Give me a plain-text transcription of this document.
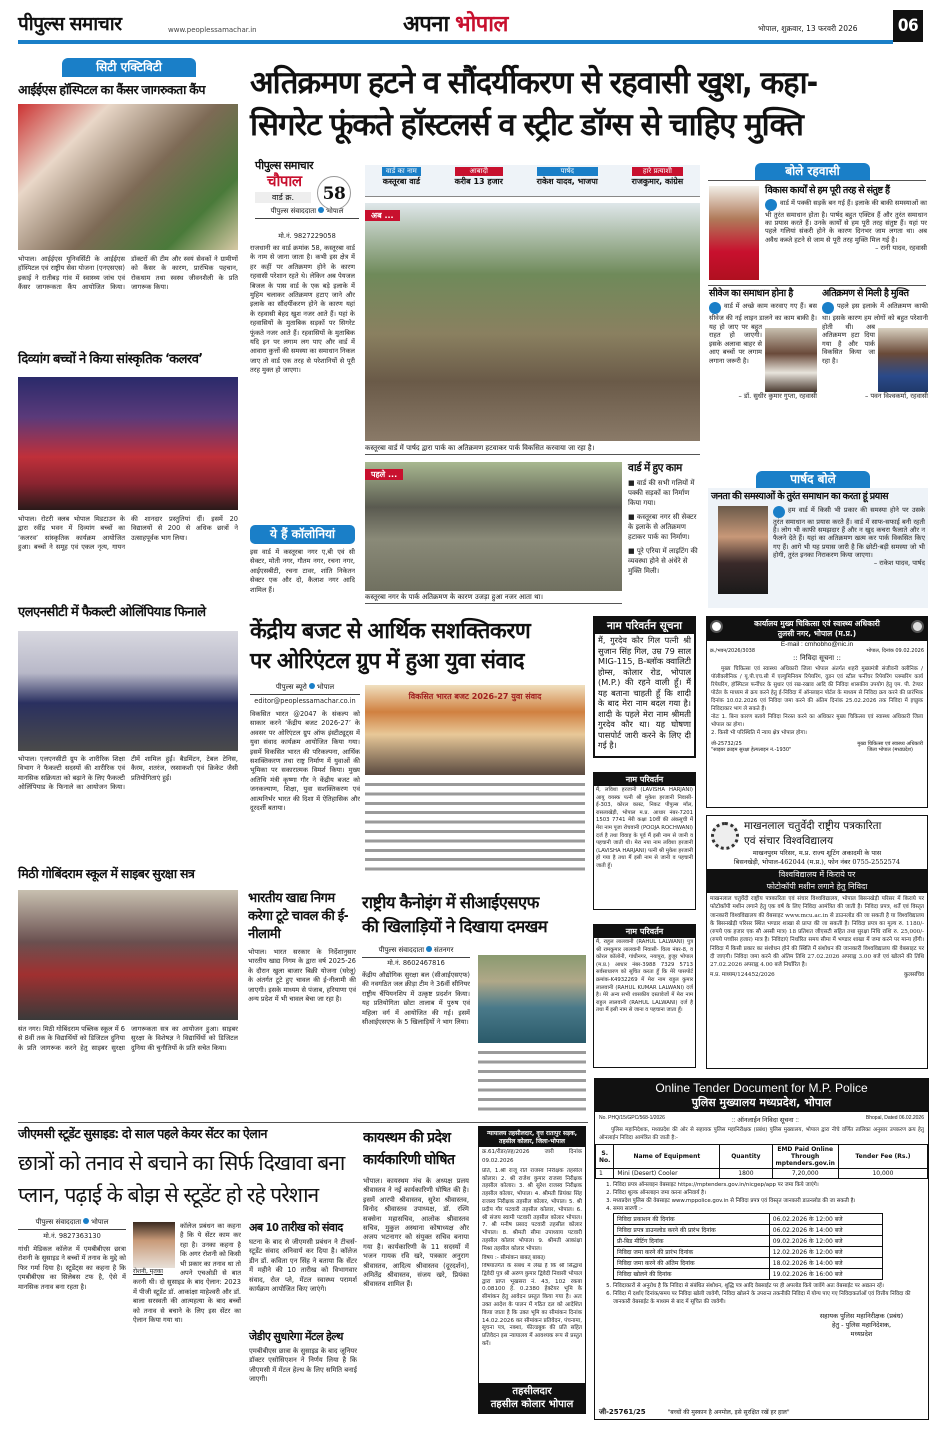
पीपुल्स समाचार	www.peoplessamachar.in	अपना भोपाल	भोपाल, शुक्रवार, 13 फरवरी 2026	06
सिटी एक्टिविटी
आईईएस हॉस्पिटल का कैंसर जागरुकता कैंप
भोपाल। आईईएस यूनिवर्सिटी के आईईएस हॉस्पिटल एवं राष्ट्रीय सेवा योजना (एनएसएस) इकाई ने रातीबड़ गांव में स्वास्थ्य जांच एवं कैंसर जागरूकता कैंप आयोजित किया। डॉक्टरों की टीम और स्वयं सेवकों ने ग्रामीणों को कैंसर के कारण, प्रारंभिक पहचान, रोकथाम तथा स्वस्थ जीवनशैली के प्रति जागरूक किया।
दिव्यांग बच्चों ने किया सांस्कृतिक ‘कलरव’
भोपाल। रोटरी क्लब भोपाल मिडटाउन के द्वारा रवींद्र भवन में दिव्यांग बच्चों का ‘कलरव’ सांस्कृतिक कार्यक्रम आयोजित हुआ। बच्चों ने समूह एवं एकल नृत्य, गायन की शानदार प्रस्तुतियां दीं। इसमें 20 विद्यालयों से 200 से अधिक छात्रों ने उत्साहपूर्वक भाग लिया।
एलएनसीटी में फैकल्टी ओलिंपियाड फिनाले
भोपाल। एलएनसीटी ग्रुप के शारीरिक शिक्षा विभाग ने फैकल्टी सदस्यों की शारीरिक एवं मानसिक सक्रियता को बढ़ाने के लिए फैकल्टी ओलिंपियाड के फिनाले का आयोजन किया। टीमें शामिल हुईं। बैडमिंटन, टेबल टेनिस, कैरम, शतरंज, रस्साकशी एवं क्रिकेट जैसी प्रतियोगिताएं हुईं।
मिठी गोबिंदराम स्कूल में साइबर सुरक्षा सत्र
संत नगर। मिठी गोबिंदराम पब्लिक स्कूल में 6 से 8वीं तक के विद्यार्थियों को डिजिटल दुनिया के प्रति जागरूक करने हेतु साइबर सुरक्षा जागरूकता सत्र का आयोजन हुआ। साइबर सुरक्षा के विशेषज्ञ ने विद्यार्थियों को डिजिटल दुनिया की चुनौतियों के प्रति सचेत किया।
अतिक्रमण हटने व सौंदर्यीकरण से रहवासी खुश, कहा-
सिगरेट फूंकते हॉस्टलर्स व स्ट्रीट डॉग्स से चाहिए मुक्ति
पीपुल्स समाचार
चौपाल
58
वार्ड क्र.
पीपुल्स संवाददाता भोपाल
मो.नं. 9827229058
राजधानी का वार्ड क्रमांक 58, कस्तूरबा वार्ड के नाम से जाना जाता है। कभी इस क्षेत्र में हर कहीं पर अतिक्रमण होने के कारण रहवासी परेशान रहते थे। लेकिन अब पेयजल बिजल के पास वार्ड के एक बड़े इलाके में मुहिम चलाकर अतिक्रमण हटाए जाने और इलाके का सौंदर्यीकरण होने के कारण यहां के रहवासी बेहद खुश नजर आते हैं। यहां के रहवासियों के मुताबिक सड़कों पर सिगरेट फूंकते नजर आते हैं। रहवासियों के मुताबिक यदि इन पर लगाम लग पाए और वार्ड में आवारा कुत्तों की समस्या का समाधान निकल जाए तो वार्ड एक तरह से परेशानियों से पूरी तरह मुक्त हो जाएगा।
ये हैं कॉलोनियां
इस वार्ड में कस्तूरबा नगर ए,बी एवं सी सेक्टर, मोती नगर, गौतम नगर, रचना नगर, आईएसबीटी, रचना टावर, शांति निकेतन सेक्टर एक और दो, कैलाश नगर आदि शामिल हैं।
वार्ड का नाम
कस्तूरबा वार्ड
आबादी
करीब 13 हजार
पार्षद
राकेश यादव, भाजपा
हारे प्रत्याशी
राजकुमार, कांग्रेस
अब ...
कस्तूरबा वार्ड में पार्षद द्वारा पार्क का अतिक्रमण हटवाकर पार्क विकसित करवाया जा रहा है।
पहले ...
कस्तूरबा नगर के पार्क अतिक्रमण के कारण उजड़ा हुआ नजर आता था।
वार्ड में हुए काम
■ वार्ड की सभी गलियों में पक्की सड़कों का निर्माण किया गया।
■ कस्तूरबा नगर सी सेक्टर के इलाके से अतिक्रमण हटाकर पार्क का निर्माण।
■ पूरे एरिया में लाइटिंग की व्यवस्था होने से अंधेरे से मुक्ति मिली।
बोले रहवासी
विकास कार्यों से हम पूरी तरह से संतुष्ट हैं
वार्ड में पक्की सड़कें बन गई हैं। इलाके की बाकी समस्याओं का भी तुरंत समाधान होता है। पार्षद बहुत एक्टिव हैं और तुरंत समाधान का प्रयास करते हैं। उनके कार्यों से हम पूरी तरह संतुष्ट हैं। यहां पर पहले गलियां संकरी होने के कारण दिनभर जाम लगता था। अब अवैध कब्जे हटने से जाम से पूरी तरह मुक्ति मिल गई है।
– रानी यादव, रहवासी
सीवेज का समाधान होना है
वार्ड में अच्छे काम करवाए गए हैं। बस सीवेज की नई लाइन डालने का काम बाकी है। यह हो जाए पर बहुत राहत हो जाएगी। इसके अलावा बाहर से आए बच्चों पर लगाम लगाना जरूरी है।
– डॉ. सुधीर कुमार गुप्ता, रहवासी
अतिक्रमण से मिली है मुक्ति
पहले इस इलाके में अतिक्रमण काफी था। इसके कारण हम लोगों को बहुत परेशानी होती थी। अब अतिक्रमण हटा दिया गया है और पार्क विकसित किया जा रहा है।
– पवन विश्वकर्मा, रहवासी
पार्षद बोले
जनता की समस्याओं के तुरंत समाधान का करता हूं प्रयास
हम वार्ड में किसी भी प्रकार की समस्या होने पर उसके तुरंत समाधान का प्रयास करते हैं। वार्ड में साफ-सफाई बनी रहती है। लोग भी काफी समझदार हैं और न खुद कचरा फैलाते और न फैलने देते हैं। यहां का अतिक्रमण खत्म कर पार्क विकसित किए गए हैं। आगे भी यह प्रयास जारी है कि छोटी-बड़ी समस्या जो भी होगी, तुरंत इनका निराकरण किया जाएगा।
– राकेश यादव, पार्षद
केंद्रीय बजट से आर्थिक सशक्तिकरण
पर ओरिएंटल ग्रुप में हुआ युवा संवाद
पीपुल्स ब्यूरो भोपाल
editor@peoplessamachar.co.in	विकसित भारत बजट 2026-27 युवा संवाद
विकसित भारत @2047 के संकल्प को साकार करने ‘केंद्रीय बजट 2026-27’ के अवसर पर ओरिएंटल ग्रुप ऑफ इंस्टीट्यूट्स में युवा संवाद कार्यक्रम आयोजित किया गया। इसमें विकसित भारत की परिकल्पना, आर्थिक सशक्तिकरण तथा राष्ट्र निर्माण में युवाओं की भूमिका पर सकारात्मक विमर्श किया। मुख्य अतिथि मंत्री कृष्णा गौर ने केंद्रीय बजट को जनकल्याण, शिक्षा, युवा सशक्तिकरण एवं आत्मनिर्भर भारत की दिशा में ऐतिहासिक और दूरदर्शी बताया।
भारतीय खाद्य निगम करेगा टूटे चावल की ई-नीलामी
भोपाल। भारत सरकार के निर्देशानुसार भारतीय खाद्य निगम के द्वारा वर्ष 2025-26 के दौरान खुला बाजार बिक्री योजना (घरेलू) के अंतर्गत टूटे हुए चावल की ई-नीलामी की जाएगी। इसके माध्यम से पंजाब, हरियाणा एवं अन्य प्रदेश में भी चावल बेचा जा रहा है।
राष्ट्रीय कैनोइंग में सीआईएसएफ
की खिलाड़ियों ने दिखाया दमखम
पीपुल्स संवाददाता संतनगर
मो.नं. 8602467816
केंद्रीय औद्योगिक सुरक्षा बल (सीआईएसएफ) की नवगठित जल क्रीड़ा टीम ने 36वीं सीनियर राष्ट्रीय चैंपियनशिप में उत्कृष्ट प्रदर्शन किया। यह प्रतियोगिता छोटा तालाब में पुरुष एवं महिला वर्ग में आयोजित की गई। इसमें सीआईएसएफ के 5 खिलाड़ियों ने भाग लिया।
जीएमसी स्टूडेंट सुसाइड: दो साल पहले केयर सेंटर का ऐलान
छात्रों को तनाव से बचाने का सिर्फ दिखावा बना
प्लान, पढ़ाई के बोझ से स्टूडेंट हो रहे परेशान
पीपुल्स संवाददाता भोपाल
मो.नं. 9827363130
गांधी मेडिकल कॉलेज में एमबीबीएस छात्रा रोशनी के सुसाइड ने बच्चों में तनाव के मुद्दे को फिर गर्मा दिया है। स्टूडेंट्स का कहना है कि एमबीबीएस का सिलेबस टफ है, ऐसे में मानसिक तनाव बना रहता है।
रोशनी, मृतका
कॉलेज प्रबंधन का कहना है कि ये सेंटर काम कर रहा है। उनका कहना है कि अगर रोशनी को किसी भी प्रकार का तनाव था तो अपने एचओडी से बात करनी थी। दो सुसाइड के बाद ऐलान: 2023 में पीजी स्टूडेंट डॉ. आकांक्षा माहेश्वरी और डॉ. बाला सरस्वती की आत्महत्या के बाद बच्चों को तनाव से बचाने के लिए इस सेंटर का ऐलान किया गया था।
अब 10 तारीख को संवाद
घटना के बाद से जीएमसी प्रबंधन ने टीचर्स-स्टूडेंट संवाद अनिवार्य कर दिया है। कॉलेज डीन डॉ. कविता एन सिंह ने बताया कि सेंटर में महीने की 10 तारीख को विभागवार संवाद, रोल प्ले, मेंटल स्वास्थ्य परामर्श कार्यक्रम आयोजित किए जाएंगे।
जेडीए सुधारेगा मेंटल हेल्थ
एमबीबीएस छात्रा के सुसाइड के बाद जूनियर डॉक्टर एसोसिएशन ने निर्णय लिया है कि जीएमसी में मेंटल हेल्थ के लिए समिति बनाई जाएगी।
कायस्थम की प्रदेश कार्यकारिणी घोषित
भोपाल। कायस्थम मंच के अध्यक्ष प्रलय श्रीवास्तव ने नई कार्यकारिणी घोषित की है। इसमें आरपी श्रीवास्तव, सुरेश श्रीवास्तव, विनोद श्रीवास्तव उपाध्यक्ष, डॉ. रश्मि सक्सेना महासचिव, आलोक श्रीवास्तव सचिव, मुकुल अस्थाना कोषाध्यक्ष और अजय भटनागर को संयुक्त सचिव बनाया गया है। कार्यकारिणी के 11 सदस्यों में भजन गायक रवि खरे, पत्रकार अनुराग श्रीवास्तव, आदित्य श्रीवास्तव (दूरदर्शन), अमितेंद्र श्रीवास्तव, संजय खरे, प्रियंका श्रीवास्तव शामिल हैं।
न्यायालय तहसीलदार, वृत्त रातापुर सड़क, तहसील कोलार, जिला-भोपाल
क्र.61/रीडर/तह/2026 जारी दिनांक 09.02.2026
प्रति, 1.श्री राजू रोते राजस्व निरीक्षक तहसील कोलार। 2. श्री राजेश कुमार राजस्व निरीक्षक तहसील कोलार। 3. श्री सुरेश राजस्व निरीक्षक तहसील कोलार, भोपाल। 4. श्रीमती प्रियंका सिंह राजस्व निरीक्षक तहसील कोलार, भोपाल। 5. श्री प्रदीप गौर पटवारी तहसील कोलार, भोपाल। 6. श्री संजय स्वामी पटवारी तहसील कोलार भोपाल। 7. श्री मनीष प्रसाद पटवारी तहसील कोलार भोपाल। 8. श्रीमती सीमा उपाध्याय पटवारी तहसील कोलार भोपाल। 9. श्रीमती आकांक्षा मिश्रा तहसील कोलार भोपाल।
विषय :- सीमांकन बाबत् बाबत्।
विषयांतर्गत के संबंध में लेख है कि श्री सिद्धार्थ द्विवेदी पुत्र श्री अरुण कुमार द्विवेदी निवासी भोपाल द्वारा प्राप्त भूखसरा नं. 43, 102 रकबा 0.08100 हे. 0.2380 हेक्टेयर भूमि के सीमांकन हेतु आवेदन प्रस्तुत किया गया है। अतः उक्त आदेश के पालन में गठित दल को आदेशित किया जाता है कि उक्त भूमि का सीमांकन दिनांक 14.02.2026 कर सीमांकन प्रतिवेदन, पंचनामा, सूचना पत्र, नक्शा, फील्डबुक की प्रति सहित प्रतिवेदन इस न्यायालय में आवश्यक रूप से प्रस्तुत करें।
तहसीलदार
तहसील कोलार भोपाल
नाम परिवर्तन सूचना
मैं, गुरदेव कौर गिल पत्नी श्री सुजान सिंह गिल, उम्र 79 साल MIG-115, B-ब्लॉक क्वालिटी होम्स, कोलार रोड, भोपाल (M.P.) की रहने वाली हूँ। मैं यह बताना चाहती हूँ कि शादी के बाद मेरा नाम बदल गया है। शादी के पहले मेरा नाम श्रीमती गुरदेव कौर था। यह घोषणा पासपोर्ट जारी करने के लिए दी गई है।
नाम परिवर्तन
मैं, लविशा हरजानी (LAVISHA HARJANI) आयु वयस्क पत्नी श्री मुकेश हरजानी निवासी-ई-303, कोरल कास्ट, निकट पीपुल्स मॉल, रासलाखेड़ी, भोपाल म.प्र. आधार नंबर-7201 1503 7741 मेरी कक्षा 10वीं की अंकसूची में मेरा नाम पूजा रोचवानी (POOJA ROCHWANI) दर्ज है तथा विवाह के पूर्व मैं इसी नाम से जानी व पहचानी जाती थी। मेरा नया नाम लविशा हरजानी (LAVISHA HARJANI) पत्नी श्री मुकेश हरजानी हो गया है तथा मैं इसी नाम से जानी व पहचानी जाती हूँ।
नाम परिवर्तन
मैं, राहुल लालवानी (RAHUL LALWANI) पुत्र श्री रामकुमार लालवानी निवासी- विला नंबर-8, व कोरल कॉलोनी, गांधीनगर, नयापुरा, हुजूर भोपाल (म.प्र.) आधार नंबर-3988 7329 5713 सर्वसाधारण को सूचित करता हूँ कि मेरे पासपोर्ट क्रमांक-K4932269 में मेरा नाम राहुल कुमार लालवानी (RAHUL KUMAR LALWANI) दर्ज है। मेरे अन्य सभी शासकीय दस्तावेजों में मेरा नाम राहुल लालवानी (RAHUL LALWANI) दर्ज है तथा मैं इसी नाम से जाना व पहचाना जाता हूँ।
कार्यालय मुख्य चिकित्सा एवं स्वास्थ्य अधिकारी
तुलसी नगर, भोपाल (म.प्र.)
E-mail : cmhobho@nic.in
क्र./भवन/2026/3038	भोपाल, दिनांक 09.02.2026
:: निविदा सूचना ::
मुख्य चिकित्सा एवं स्वास्थ्य अधिकारी जिला भोपाल अंतर्गत शहरी मुख्यमंत्री संजीवनी क्लीनिक / पॉलीक्लीनिक / यू.पी.एच.सी में एल्युमिनियम रिपेयरिंग, वुडन एवं स्टील फर्नीचर रिपेयरिंग प्लम्बरिंग कार्य रिपेयरिंग, हॉस्पिटल फर्नीचर के सुधार एवं रख-रखाव आदि की निविदा शासकीय उपयोग हेतु एम. पी. टेण्डर पोर्टल के माध्यम से क्रय करने हेतु ई-निविदा में ऑनलाइन पोर्टल के माध्यम से निविदा क्रय करने की प्रारंभिक दिनांक 10.02.2026 एवं निविदा जमा करने की अंतिम दिनांक 25.02.2026 तक निविदा में इच्छुक निविदाकार भाग ले सकते हैं।
नोटः 1. बिना कारण बताये निविदा निरस्त करने का अधिकार मुख्य चिकित्सा एवं स्वास्थ्य अधिकारी जिला भोपाल का होगा।
2. किसी भी परिस्थिति में न्याय क्षेत्र भोपाल होगा।
जी-25732/25
"साइबर क्राइम सुरक्षा हेल्पलाइन नं.-1930"
मुख्य चिकित्सा एवं स्वास्थ्य अधिकारी
जिला भोपाल (मध्यप्रदेश)
माखनलाल चतुर्वेदी राष्ट्रीय पत्रकारिता
एवं संचार विश्वविद्यालय
माखनपुरम परिसर, म.प्र. राज्य शूटिंग अकादमी के पास
बिसनखेड़ी, भोपाल-462044 (म.प्र.), फोन नंबर 0755-2552574
विश्वविद्यालय में किराये पर
फोटोकॉपी मशीन लगाने हेतु निविदा
माखनलाल चतुर्वेदी राष्ट्रीय पत्रकारिता एवं संचार विश्वविद्यालय, भोपाल बिसनखेड़ी परिसर में किराये पर फोटोकॉपी मशीन लगाने हेतु एक वर्ष के लिए निविदा आमंत्रित की जाती है। निविदा प्रपत्र, शर्तें एवं विस्तृत जानकारी विश्वविद्यालय की वेबसाइट www.mcu.ac.in से डाउनलोड की जा सकती है या विश्वविद्यालय के बिसनखेड़ी परिसर स्थित भण्डार शाखा से प्राप्त की जा सकती है। निविदा प्रपत्र का मूल्य रु. 1180/- (रुपये एक हजार एक सौ अस्सी मात्र) 18 प्रतिशत जीएसटी सहित तथा सुरक्षा निधि राशि रु. 25,000/- (रुपये पच्चीस हजार) मात्र है। निविदाएं निर्धारित समय सीमा में भण्डार शाखा में जमा करने पर मान्य होंगी। निविदा में किसी प्रकार का संशोधन होने की स्थिति में संशोधन की जानकारी विश्वविद्यालय की वेबसाइट पर दी जाएगी। निविदा जमा करने की अंतिम तिथि 27.02.2026 अपराह्न 3.00 बजे एवं खोलने की तिथि 27.02.2026 अपराह्न 4.00 बजे निर्धारित है।
म.प्र. माध्यम/124452/2026	कुलसचिव
Online Tender Document for M.P. Police
पुलिस मुख्यालय मध्यप्रदेश, भोपाल
No. PHQ/15/GPC/568-1/2026	:: ऑनलाईन निविदा सूचना ::	Bhopal, Dated 06.02.2026
पुलिस महानिदेशक, मध्यप्रदेश की ओर से सहायक पुलिस महानिरीक्षक (प्रबंध) पुलिस मुख्यालय, भोपाल द्वारा नीचे वर्णित तालिका अनुसार उपकरण क्रय हेतु ऑनलाईन निविदा आमंत्रित की जाती है:-
S. No.	Name of Equipment	Quantity	EMD Paid Online Through mptenders.gov.in	Tender Fee (Rs.)
1	Mini (Desert) Cooler	1800	7,20,000	10,000
1. निविदा प्रपत्र ऑनलाइन वेबसाइट https://mptenders.gov.in/nicgep/app पर जमा किये जाएंगे।
2. निविदा शुल्क ऑनलाइन जमा करना अनिवार्य है।
3. मध्यप्रदेश पुलिस की वेबसाइट www.mppolice.gov.in से निविदा प्रपत्र एवं विस्तृत जानकारी डाउनलोड की जा सकती है।
4. समय सारणी :-
निविदा प्रकाशन की दिनांक	06.02.2026 के 12:00 बजे
निविदा प्रपत्र डाउनलोड करने की प्रारंभ दिनांक	06.02.2026 के 14:00 बजे
प्री-बिड मीटिंग दिनांक	09.02.2026 के 12:00 बजे
निविदा जमा करने की प्रारंभ दिनांक	12.02.2026 के 12:00 बजे
निविदा जमा करने की अंतिम दिनांक	18.02.2026 के 14:00 बजे
निविदा खोलने की दिनांक	19.02.2026 के 16:00 बजे
5. निविदाकारों से अनुरोध है कि निविदा से संबंधित संशोधन, शुद्धि पत्र आदि वेबसाईट पर ही अपलोड किये जावेंगे अतः वेबसाईट पर अद्यतन रहें।
6. निविदा में दर्शाए दिनांक/समय पर निविदा खोली जावेगी, निविदा खोलने के उपरान्त तकनीकी निविदा में योग्य पाए गए निविदाकर्ताओं एवं वित्तीय निविदा की जानकारी वेबसाईट के माध्यम से बाद में सूचित की जावेगी।
सहायक पुलिस महानिरीक्षक (प्रबंध)
हेतु - पुलिस महानिदेशक,
मध्यप्रदेश
जी-25761/25	"बच्चों की मुस्कान है अनमोल, इसे सुरक्षित रखें हर हाल"
